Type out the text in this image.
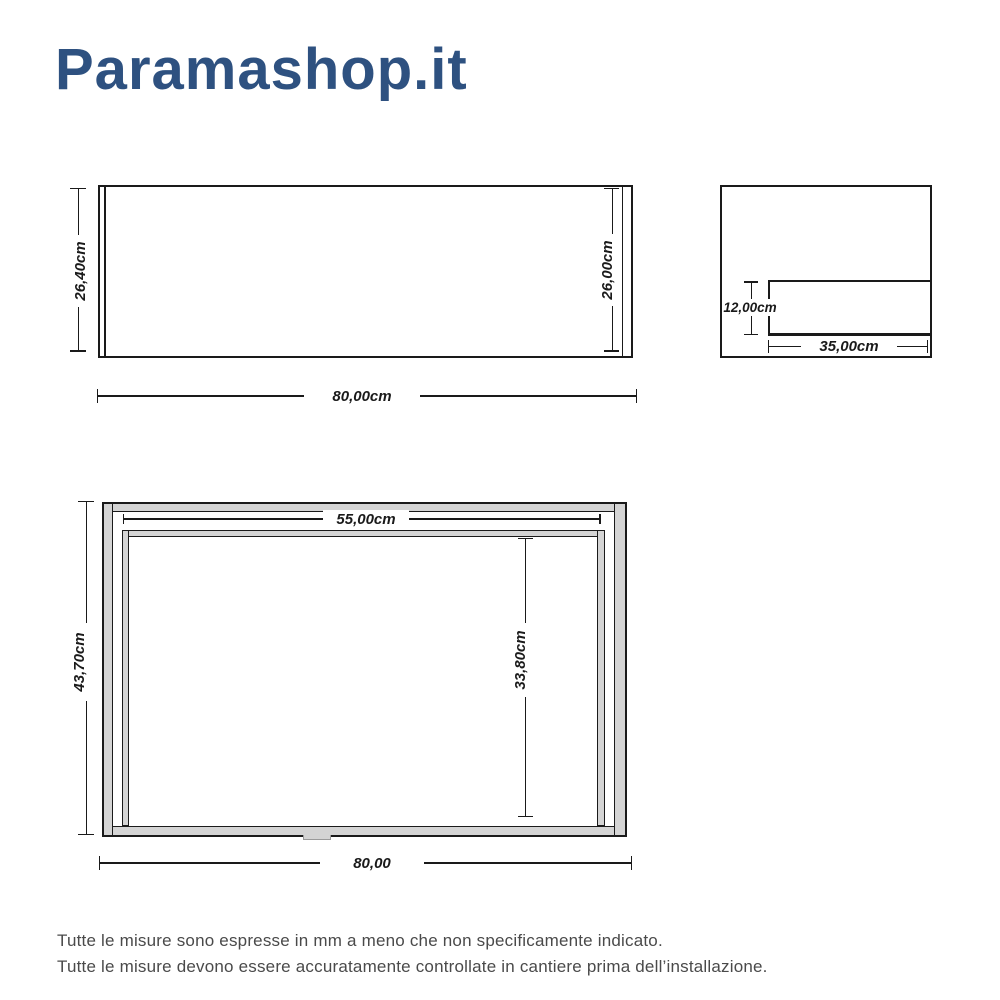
Paramashop.it
26,40cm	26,00cm
80,00cm
12,00cm
35,00cm
55,00cm
33,80cm
43,70cm
80,00
Tutte le misure sono espresse in mm a meno che non specificamente indicato.
Tutte le misure devono essere accuratamente controllate in cantiere prima dell’installazione.
